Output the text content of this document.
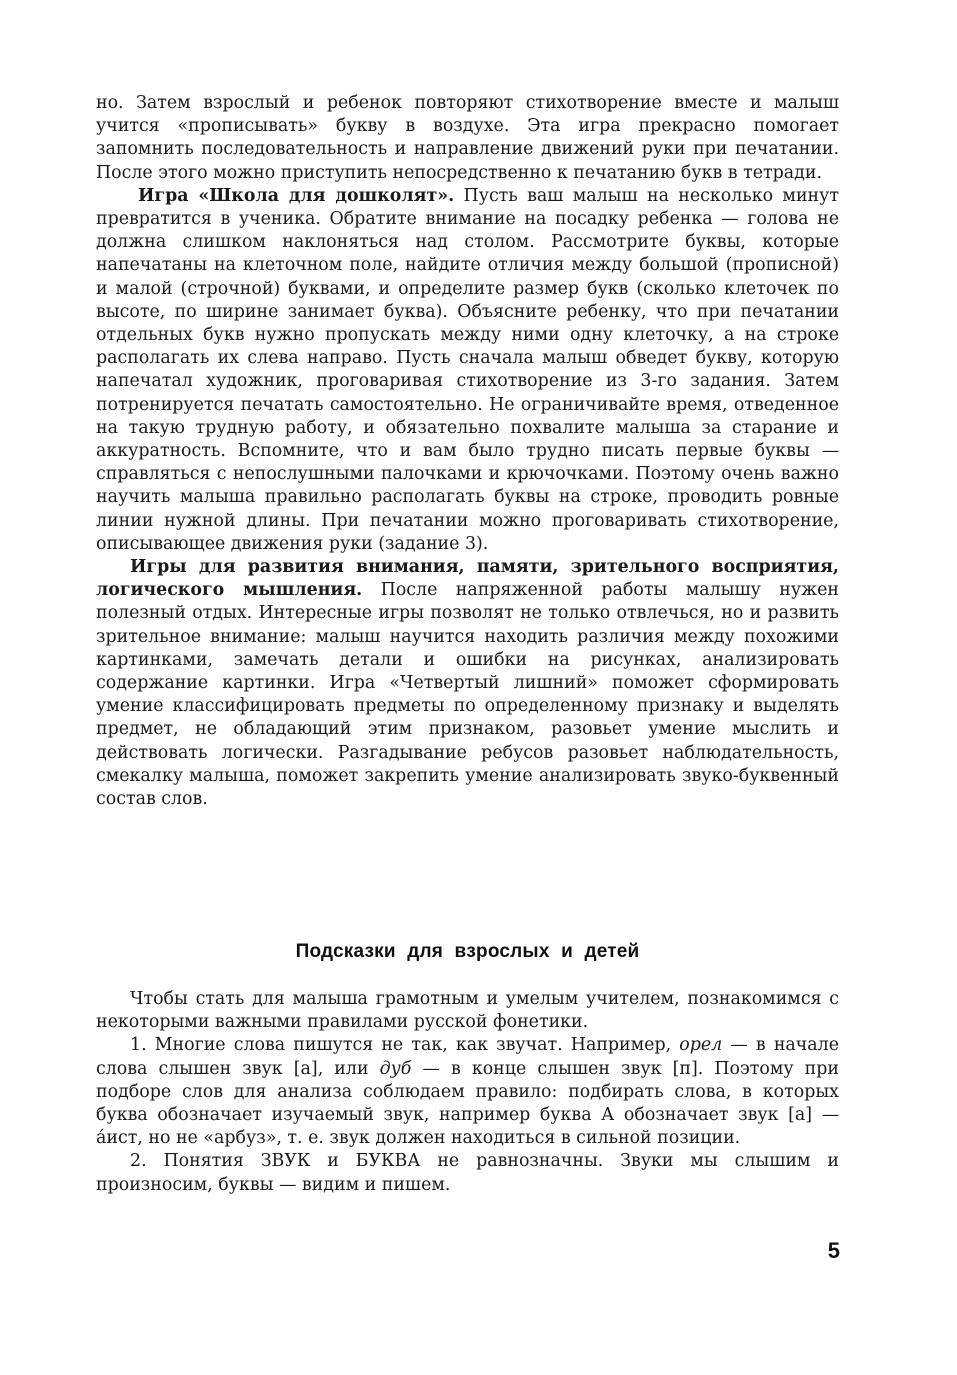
но. Затем взрослый и ребенок повторяют стихотворение вместе и малыш учится «прописывать» букву в воздухе. Эта игра прекрасно помогает запомнить последовательность и направление движений руки при печатании. После этого можно приступить непосредственно к печатанию букв в тетради.

Игра «Школа для дошколят». Пусть ваш малыш на несколько минут превратится в ученика. Обратите внимание на посадку ребенка — голова не должна слишком наклоняться над столом. Рассмотрите буквы, которые напечатаны на клеточном поле, найдите отличия между большой (прописной) и малой (строчной) буквами, и определите размер букв (сколько клеточек по высоте, по ширине занимает буква). Объясните ребенку, что при печатании отдельных букв нужно пропускать между ними одну клеточку, а на строке располагать их слева направо. Пусть сначала малыш обведет букву, которую напечатал художник, проговаривая стихотворение из 3-го задания. Затем потренируется печатать самостоятельно. Не ограничивайте время, отведенное на такую трудную работу, и обязательно похвалите малыша за старание и аккуратность. Вспомните, что и вам было трудно писать первые буквы — справляться с непослушными палочками и крючочками. Поэтому очень важно научить малыша правильно располагать буквы на строке, проводить ровные линии нужной длины. При печатании можно проговаривать стихотворение, описывающее движения руки (задание 3).

Игры для развития внимания, памяти, зрительного восприятия, логического мышления. После напряженной работы малышу нужен полезный отдых. Интересные игры позволят не только отвлечься, но и развить зрительное внимание: малыш научится находить различия между похожими картинками, замечать детали и ошибки на рисунках, анализировать содержание картинки. Игра «Четвертый лишний» поможет сформировать умение классифицировать предметы по определенному признаку и выделять предмет, не обладающий этим признаком, разовьет умение мыслить и действовать логически. Разгадывание ребусов разовьет наблюдательность, смекалку малыша, поможет закрепить умение анализировать звуко-буквенный состав слов.

Подсказки для взрослых и детей

Чтобы стать для малыша грамотным и умелым учителем, познакомимся с некоторыми важными правилами русской фонетики.

1. Многие слова пишутся не так, как звучат. Например, орел — в начале слова слышен звук [а], или дуб — в конце слышен звук [п]. Поэтому при подборе слов для анализа соблюдаем правило: подбирать слова, в которых буква обозначает изучаемый звук, например буква А обозначает звук [а] — а́ист, но не «арбуз», т. е. звук должен находиться в сильной позиции.

2. Понятия ЗВУК и БУКВА не равнозначны. Звуки мы слышим и произносим, буквы — видим и пишем.

5
